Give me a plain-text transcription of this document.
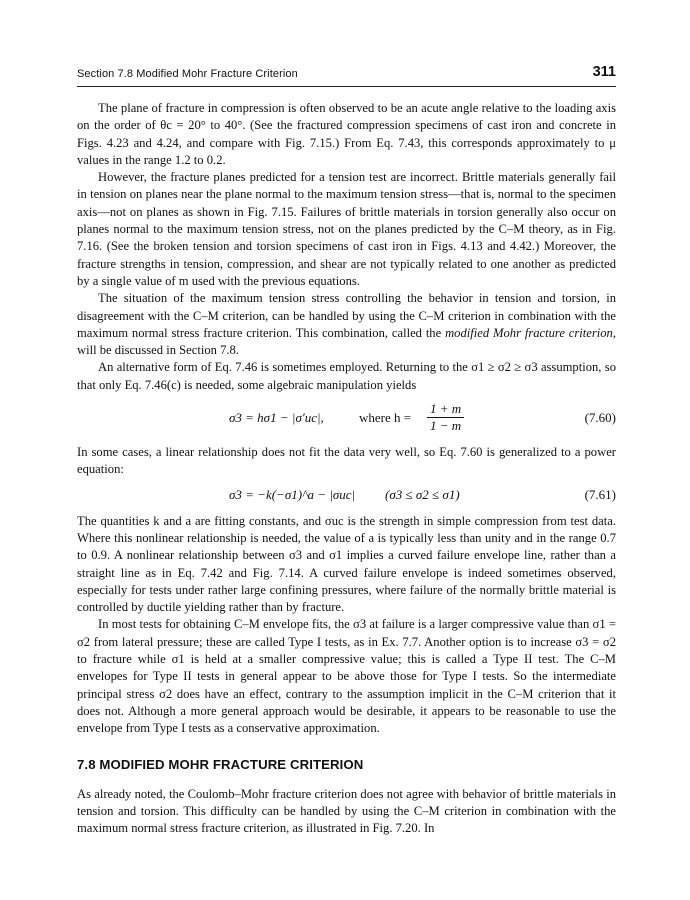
Section 7.8 Modified Mohr Fracture Criterion	311

The plane of fracture in compression is often observed to be an acute angle relative to the loading axis on the order of θc = 20° to 40°. (See the fractured compression specimens of cast iron and concrete in Figs. 4.23 and 4.24, and compare with Fig. 7.15.) From Eq. 7.43, this corresponds approximately to μ values in the range 1.2 to 0.2.

However, the fracture planes predicted for a tension test are incorrect. Brittle materials generally fail in tension on planes near the plane normal to the maximum tension stress—that is, normal to the specimen axis—not on planes as shown in Fig. 7.15. Failures of brittle materials in torsion generally also occur on planes normal to the maximum tension stress, not on the planes predicted by the C–M theory, as in Fig. 7.16. (See the broken tension and torsion specimens of cast iron in Figs. 4.13 and 4.42.) Moreover, the fracture strengths in tension, compression, and shear are not typically related to one another as predicted by a single value of m used with the previous equations.

The situation of the maximum tension stress controlling the behavior in tension and torsion, in disagreement with the C–M criterion, can be handled by using the C–M criterion in combination with the maximum normal stress fracture criterion. This combination, called the modified Mohr fracture criterion, will be discussed in Section 7.8.

An alternative form of Eq. 7.46 is sometimes employed. Returning to the σ1 ≥ σ2 ≥ σ3 assumption, so that only Eq. 7.46(c) is needed, some algebraic manipulation yields

σ3 = hσ1 − |σ′uc|,	where $h = \frac{1 + m}{1 - m}$	(7.60)

In some cases, a linear relationship does not fit the data very well, so Eq. 7.60 is generalized to a power equation:

σ3 = −k(−σ1)^a − |σuc| (σ3 ≤ σ2 ≤ σ1)	(7.61)

The quantities k and a are fitting constants, and σuc is the strength in simple compression from test data. Where this nonlinear relationship is needed, the value of a is typically less than unity and in the range 0.7 to 0.9. A nonlinear relationship between σ3 and σ1 implies a curved failure envelope line, rather than a straight line as in Eq. 7.42 and Fig. 7.14. A curved failure envelope is indeed sometimes observed, especially for tests under rather large confining pressures, where failure of the normally brittle material is controlled by ductile yielding rather than by fracture.

In most tests for obtaining C–M envelope fits, the σ3 at failure is a larger compressive value than σ1 = σ2 from lateral pressure; these are called Type I tests, as in Ex. 7.7. Another option is to increase σ3 = σ2 to fracture while σ1 is held at a smaller compressive value; this is called a Type II test. The C–M envelopes for Type II tests in general appear to be above those for Type I tests. So the intermediate principal stress σ2 does have an effect, contrary to the assumption implicit in the C–M criterion that it does not. Although a more general approach would be desirable, it appears to be reasonable to use the envelope from Type I tests as a conservative approximation.

7.8 MODIFIED MOHR FRACTURE CRITERION

As already noted, the Coulomb–Mohr fracture criterion does not agree with behavior of brittle materials in tension and torsion. This difficulty can be handled by using the C–M criterion in combination with the maximum normal stress fracture criterion, as illustrated in Fig. 7.20. In
